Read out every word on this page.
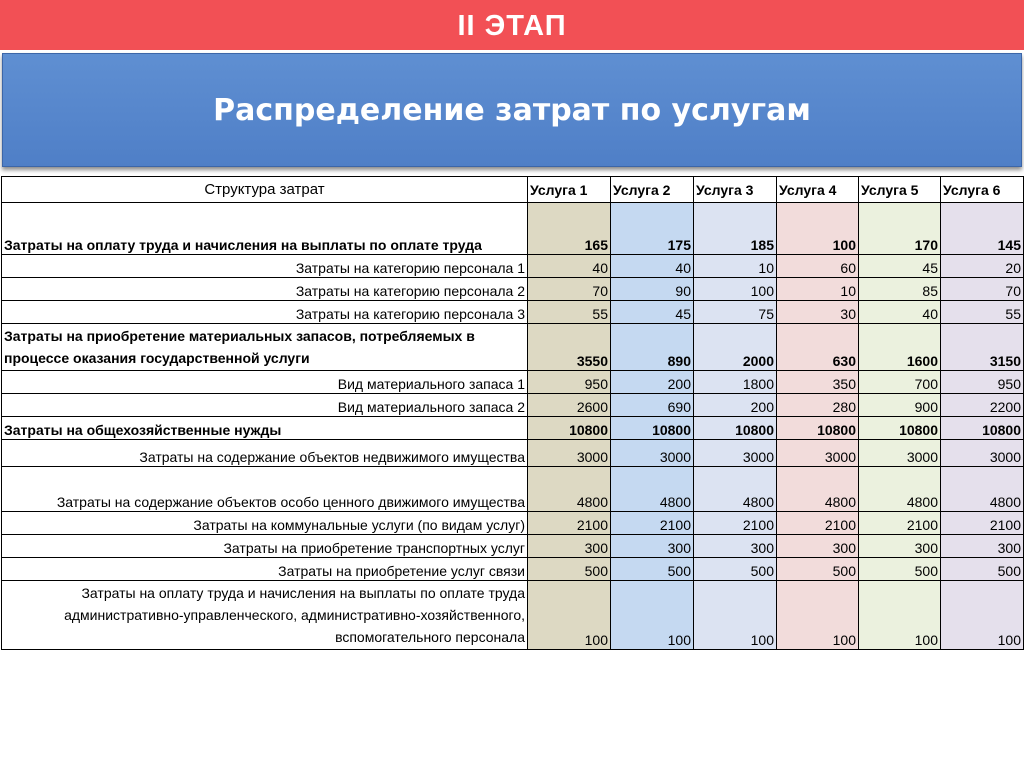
II ЭТАП
Распределение затрат по услугам
Структура затрат	Услуга 1	Услуга 2	Услуга 3	Услуга 4	Услуга 5	Услуга 6
Затраты на оплату труда и начисления на выплаты по оплате труда	165	175	185	100	170	145
Затраты на категорию персонала 1	40	40	10	60	45	20
Затраты на категорию персонала 2	70	90	100	10	85	70
Затраты на категорию персонала 3	55	45	75	30	40	55
Затраты на приобретение материальных запасов, потребляемых в процессе оказания государственной услуги	3550	890	2000	630	1600	3150
Вид материального запаса 1	950	200	1800	350	700	950
Вид материального запаса 2	2600	690	200	280	900	2200
Затраты на общехозяйственные нужды	10800	10800	10800	10800	10800	10800
Затраты на содержание объектов недвижимого имущества	3000	3000	3000	3000	3000	3000
Затраты на содержание объектов особо ценного движимого имущества	4800	4800	4800	4800	4800	4800
Затраты на коммунальные услуги (по видам услуг)	2100	2100	2100	2100	2100	2100
Затраты на приобретение транспортных услуг	300	300	300	300	300	300
Затраты на приобретение услуг связи	500	500	500	500	500	500
Затраты на оплату труда и начисления на выплаты по оплате труда административно-управленческого, административно-хозяйственного, вспомогательного персонала	100	100	100	100	100	100
